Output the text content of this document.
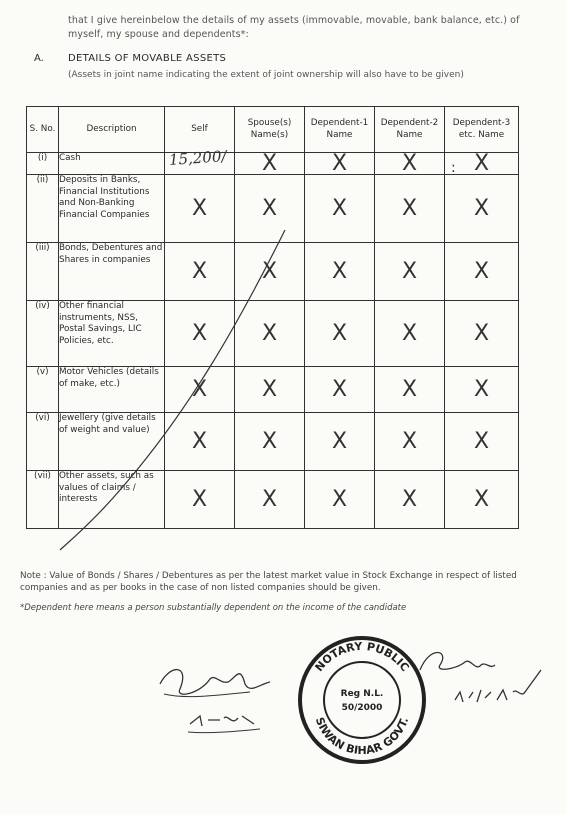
that I give hereinbelow the details of my assets (immovable, movable, bank balance, etc.) of myself, my spouse and dependents*:
A. DETAILS OF MOVABLE ASSETS
(Assets in joint name indicating the extent of joint ownership will also have to be given)
S. No.	Description	Self	Spouse(s) Name(s)	Dependent-1 Name	Dependent-2 Name	Dependent-3 etc. Name
(i)	Cash	15,200/	X	X	X	: X

(ii)	Deposits in Banks, Financial Institutions and Non-Banking Financial Companies	X	X	X	X	X

(iii)	Bonds, Debentures and Shares in companies	X	X	X	X	X

(iv)	Other financial instruments, NSS, Postal Savings, LIC Policies, etc.	X	X	X	X	X

(v)	Motor Vehicles (details of make, etc.)	X	X	X	X	X

(vi)	Jewellery (give details of weight and value)	X	X	X	X	X

(vii)	Other assets, such as values of claims / interests	X	X	X	X	X
Note : Value of Bonds / Shares / Debentures as per the latest market value in Stock Exchange in respect of listed companies and as per books in the case of non listed companies should be given.
*Dependent here means a person substantially dependent on the income of the candidate
NOTARY PUBLIC
SIWAN BIHAR GOVT.
Reg N.L.
50/2000
